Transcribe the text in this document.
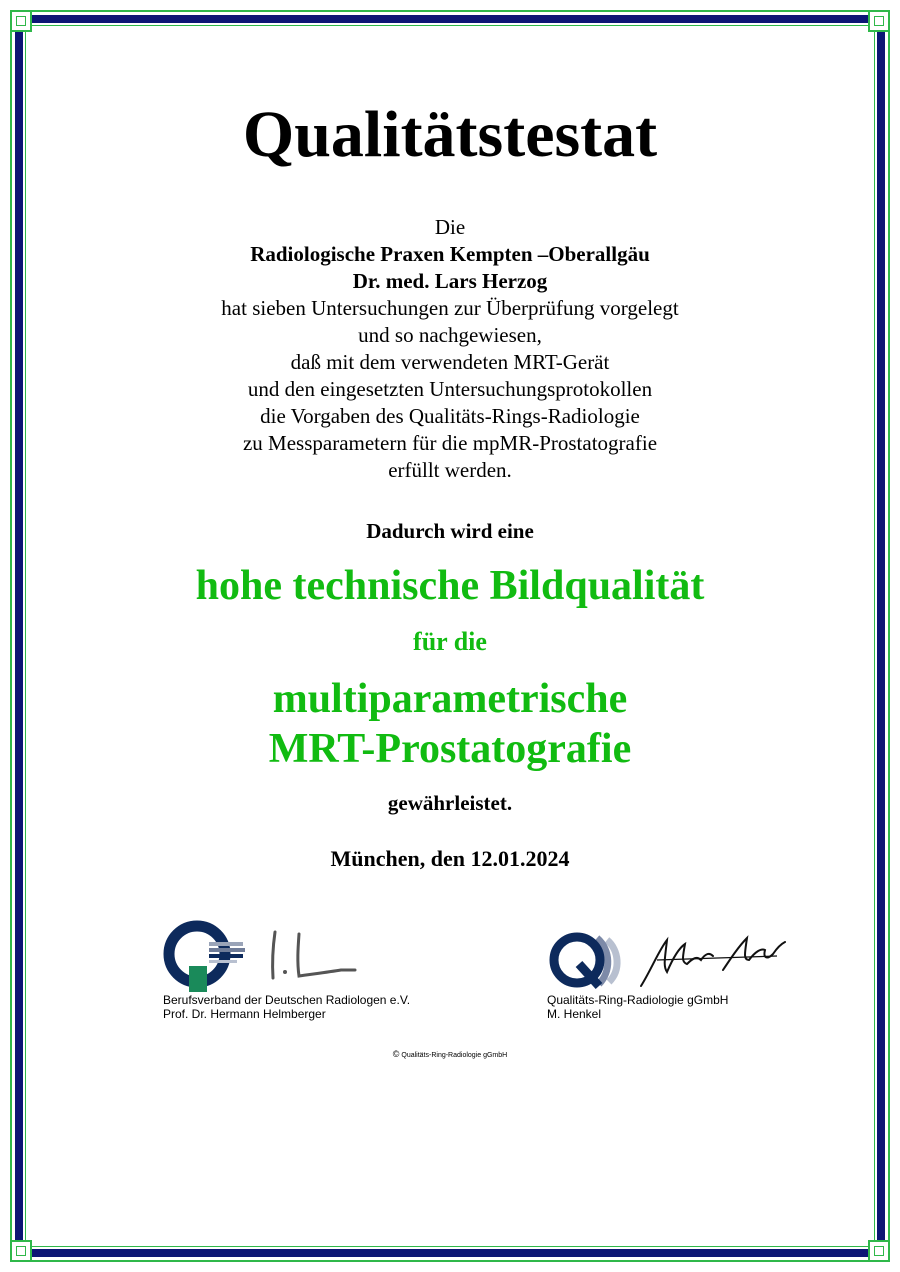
Qualitätstestat
Die
Radiologische Praxen Kempten –Oberallgäu
Dr. med. Lars Herzog
hat sieben Untersuchungen zur Überprüfung vorgelegt
und so nachgewiesen,
daß mit dem verwendeten MRT-Gerät
und den eingesetzten Untersuchungsprotokollen
die Vorgaben des Qualitäts-Rings-Radiologie
zu Messparametern für die mpMR-Prostatografie
erfüllt werden.
Dadurch wird eine
hohe technische Bildqualität
für die
multiparametrische
MRT-Prostatografie
gewährleistet.
München, den 12.01.2024
Berufsverband der Deutschen Radiologen e.V.
Prof. Dr. Hermann Helmberger
Qualitäts-Ring-Radiologie gGmbH
M. Henkel
© Qualitäts-Ring-Radiologie gGmbH
